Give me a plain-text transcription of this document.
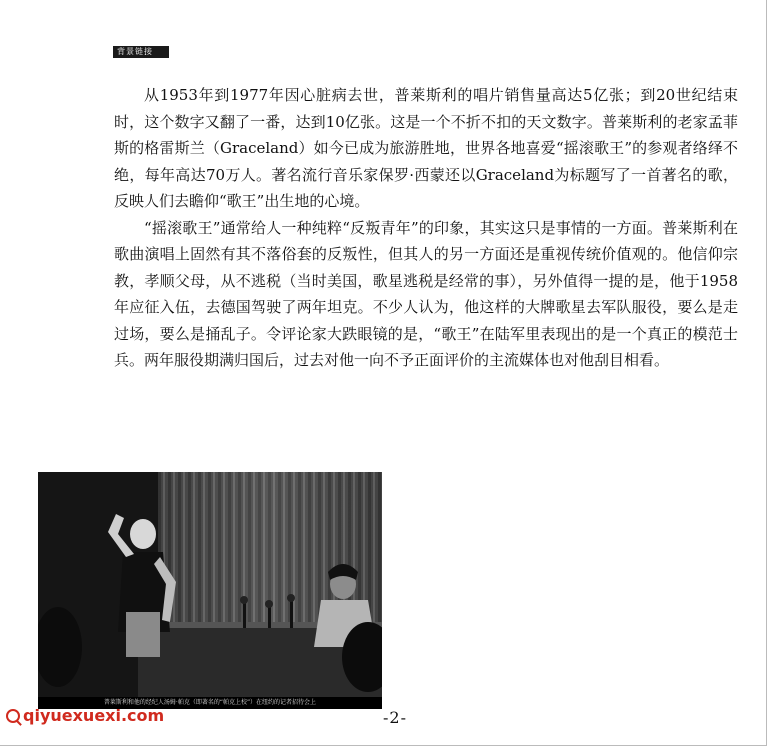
背景链接

从1953年到1977年因心脏病去世，普莱斯利的唱片销售量高达5亿张；到20世纪结束时，这个数字又翻了一番，达到10亿张。这是一个不折不扣的天文数字。普莱斯利的老家孟菲斯的格雷斯兰（Graceland）如今已成为旅游胜地，世界各地喜爱“摇滚歌王”的参观者络绎不绝，每年高达70万人。著名流行音乐家保罗·西蒙还以Graceland为标题写了一首著名的歌，反映人们去瞻仰“歌王”出生地的心境。

“摇滚歌王”通常给人一种纯粹“反叛青年”的印象，其实这只是事情的一方面。普莱斯利在歌曲演唱上固然有其不落俗套的反叛性，但其人的另一方面还是重视传统价值观的。他信仰宗教，孝顺父母，从不逃税（当时美国，歌星逃税是经常的事），另外值得一提的是，他于1958年应征入伍，去德国驾驶了两年坦克。不少人认为，他这样的大牌歌星去军队服役，要么是走过场，要么是捅乱子。令评论家大跌眼镜的是，“歌王”在陆军里表现出的是一个真正的模范士兵。两年服役期满归国后，过去对他一向不予正面评价的主流媒体也对他刮目相看。

普莱斯利和他的经纪人汤姆·帕克（即著名的“帕克上校”）在纽约的记者招待会上
qiyuexuexi.com	-2-
